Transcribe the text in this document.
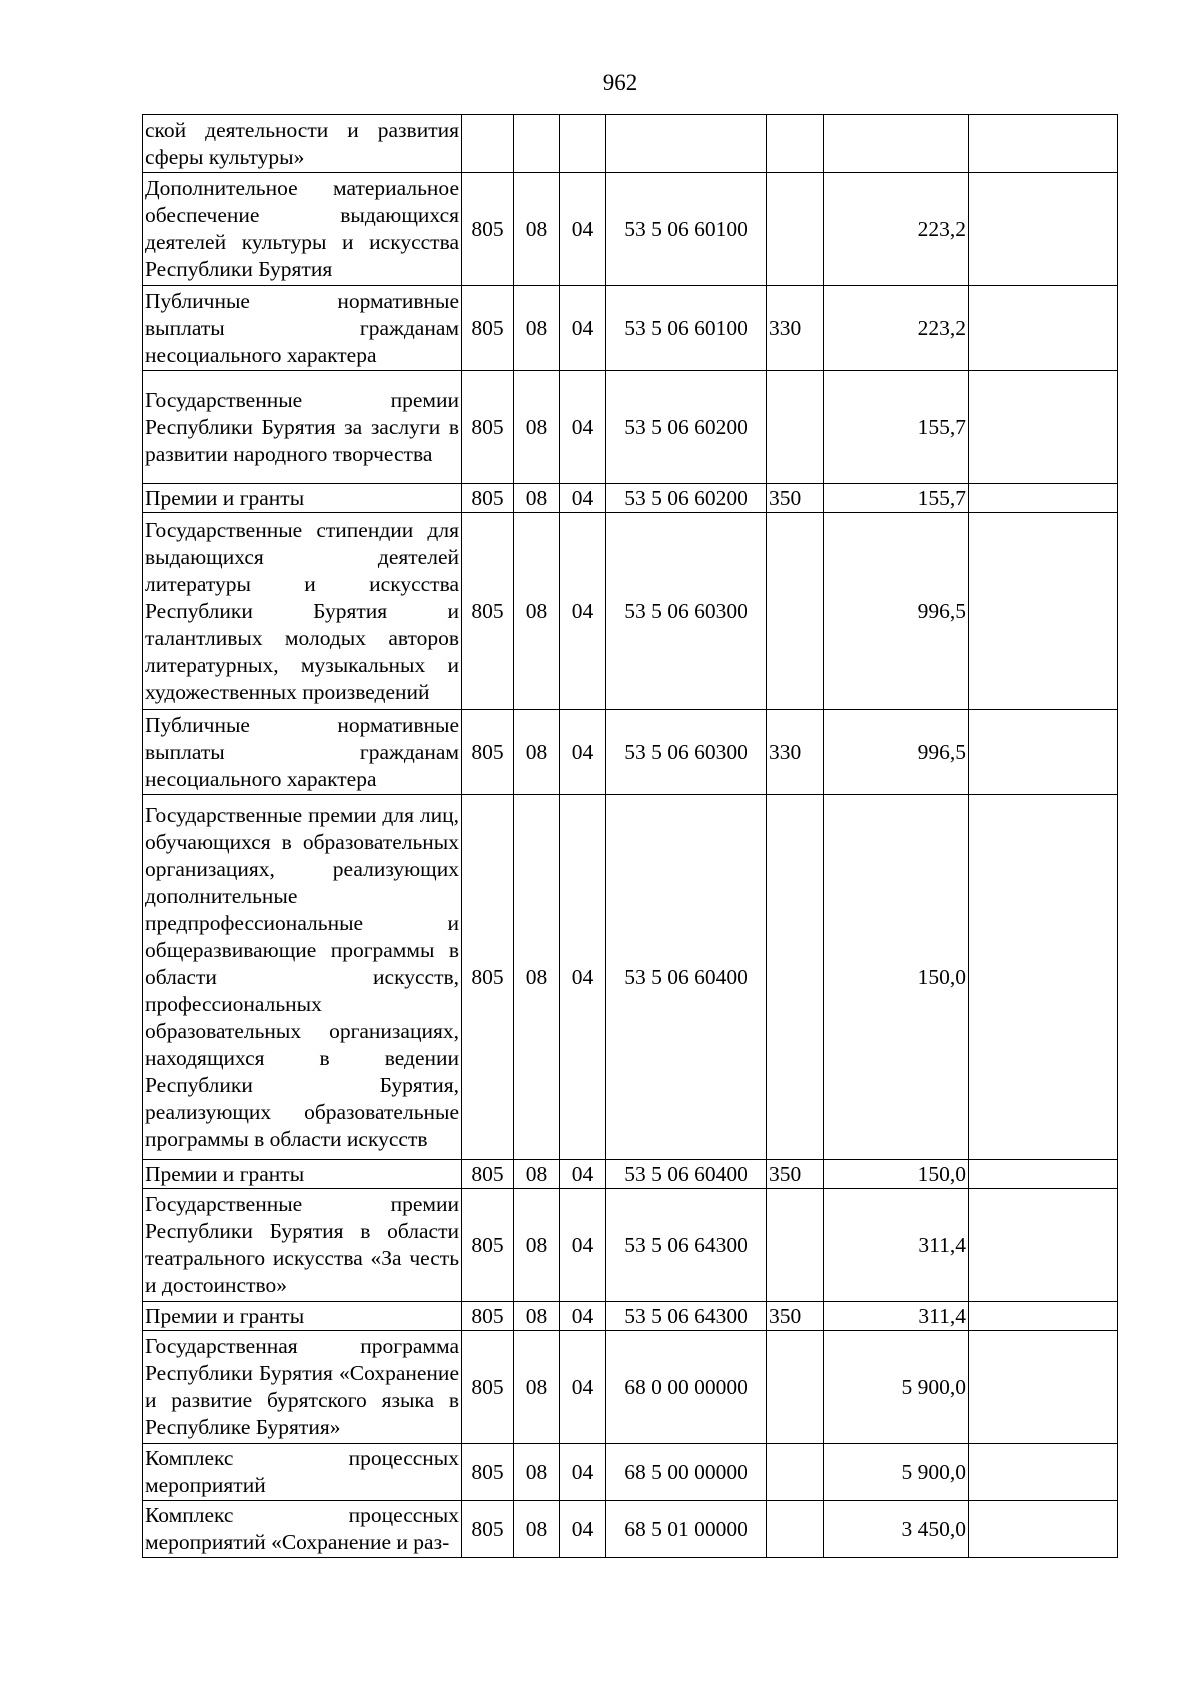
962
ской деятельности и развития сферы культуры»							
Дополнительное материальное обеспечение выдающихся деятелей культуры и искусства Республики Бурятия	805	08	04	53 5 06 60100		223,2	
Публичные нормативные выплаты гражданам несоциального характера	805	08	04	53 5 06 60100	330	223,2	
Государственные премии Республики Бурятия за заслуги в развитии народного творчества	805	08	04	53 5 06 60200		155,7	
Премии и гранты	805	08	04	53 5 06 60200	350	155,7	
Государственные стипендии для выдающихся деятелей литературы и искусства Республики Бурятия и талантливых молодых авторов литературных, музыкальных и художественных произведений	805	08	04	53 5 06 60300		996,5	
Публичные нормативные выплаты гражданам несоциального характера	805	08	04	53 5 06 60300	330	996,5	
Государственные премии для лиц, обучающихся в образовательных организациях, реализующих дополнительные предпрофессиональные и общеразвивающие программы в области искусств, профессиональных образовательных организациях, находящихся в ведении Республики Бурятия, реализующих образовательные программы в области искусств	805	08	04	53 5 06 60400		150,0	
Премии и гранты	805	08	04	53 5 06 60400	350	150,0	
Государственные премии Республики Бурятия в области театрального искусства «За честь и достоинство»	805	08	04	53 5 06 64300		311,4	
Премии и гранты	805	08	04	53 5 06 64300	350	311,4	
Государственная программа Республики Бурятия «Сохранение и развитие бурятского языка в Республике Бурятия»	805	08	04	68 0 00 00000		5 900,0	
Комплекс процессных мероприятий	805	08	04	68 5 00 00000		5 900,0	
Комплекс процессных мероприятий «Сохранение и раз-	805	08	04	68 5 01 00000		3 450,0	
